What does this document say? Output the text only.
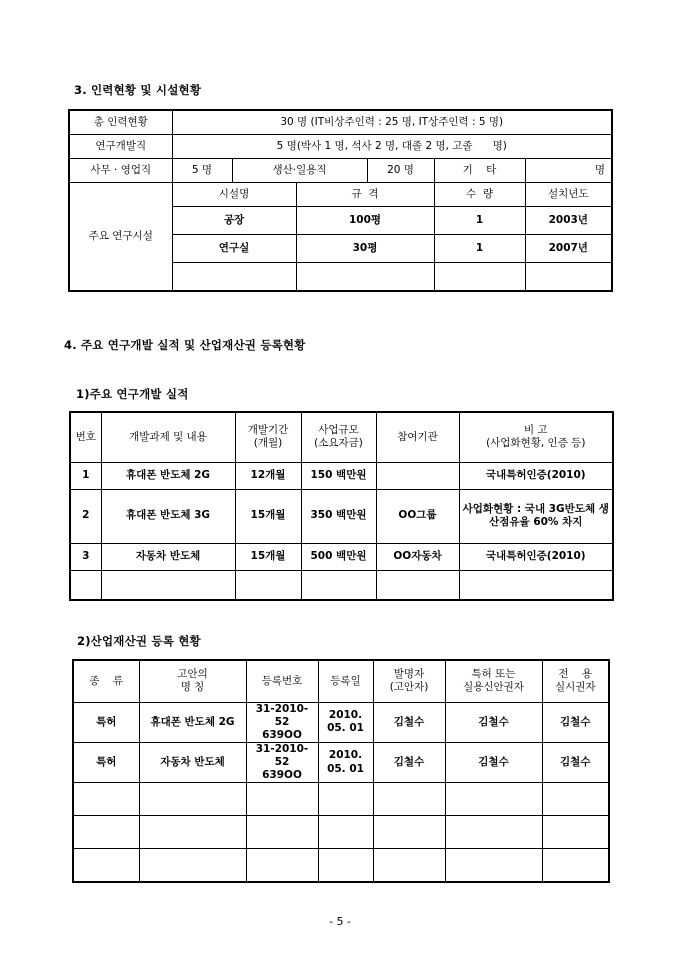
3. 인력현황 및 시설현황
총 인력현황	30 명 (IT비상주인력 : 25 명, IT상주인력 : 5 명)					
연구개발직	5 명(박사 1 명, 석사 2 명, 대졸 2 명, 고졸      명)					
사무 · 영업직	5 명	생산·일용직		20 명	기    타	명
주요 연구시설	시설명		규  격		수  량	설치년도
	공장		100평		1	2003년
	연구실		30평		1	2007년

4. 주요 연구개발 실적 및 산업재산권 등록현황
1)주요 연구개발 실적
번호	개발과제 및 내용	개발기간
(개월)	사업규모
(소요자금)	참여기관	비 고
(사업화현황, 인증 등)
1	휴대폰 반도체 2G	12개월	150 백만원		국내특허인증(2010)
2	휴대폰 반도체 3G	15개월	350 백만원	OO그룹	사업화현황 : 국내 3G반도체 생산점유율 60% 차지
3	자동차 반도체	15개월	500 백만원	OO자동차	국내특허인증(2010)

2)산업재산권 등록 현황
종    류	고안의
명 칭	등록번호	등록일	발명자
(고안자)	특허 또는
실용신안권자	전    용
실시권자
특허	휴대폰 반도체 2G	31-2010-52
639OO	2010.
05. 01	김철수	김철수	김철수
특허	자동차 반도체	31-2010-52
639OO	2010.
05. 01	김철수	김철수	김철수

- 5 -
